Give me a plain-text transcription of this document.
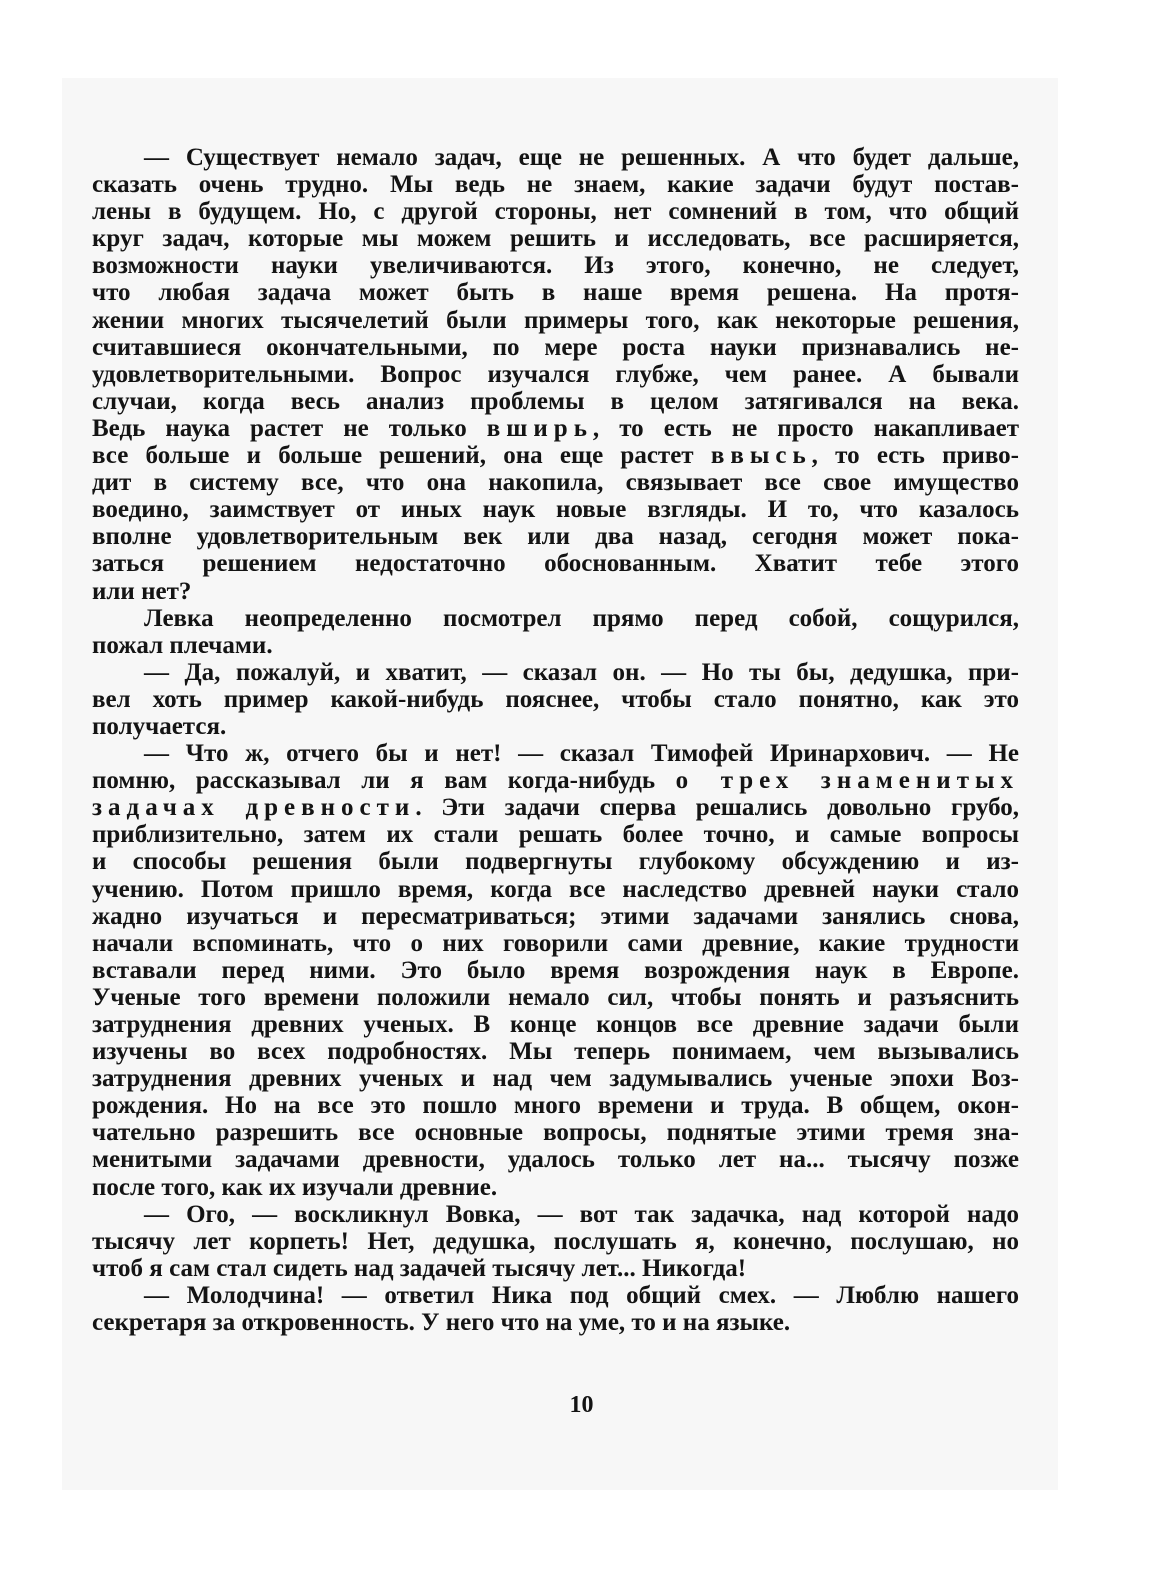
— Существует немало задач, еще не решенных. А что будет дальше,

сказать очень трудно. Мы ведь не знаем, какие задачи будут постав-

лены в будущем. Но, с другой стороны, нет сомнений в том, что общий

круг задач, которые мы можем решить и исследовать, все расширяется,

возможности науки увеличиваются. Из этого, конечно, не следует,

что любая задача может быть в наше время решена. На протя-

жении многих тысячелетий были примеры того, как некоторые решения,

считавшиеся окончательными, по мере роста науки признавались не-

удовлетворительными. Вопрос изучался глубже, чем ранее. А бывали

случаи, когда весь анализ проблемы в целом затягивался на века.

Ведь наука растет не только вширь, то есть не просто накапливает

все больше и больше решений, она еще растет ввысь, то есть приво-

дит в систему все, что она накопила, связывает все свое имущество

воедино, заимствует от иных наук новые взгляды. И то, что казалось

вполне удовлетворительным век или два назад, сегодня может пока-

заться решением недостаточно обоснованным. Хватит тебе этого

или нет?

Левка неопределенно посмотрел прямо перед собой, сощурился,

пожал плечами.

— Да, пожалуй, и хватит, — сказал он. — Но ты бы, дедушка, при-

вел хоть пример какой-нибудь пояснее, чтобы стало понятно, как это

получается.

— Что ж, отчего бы и нет! — сказал Тимофей Иринархович. — Не

помню, рассказывал ли я вам когда-нибудь о трех знаменитых

задачах древности. Эти задачи сперва решались довольно грубо,

приблизительно, затем их стали решать более точно, и самые вопросы

и способы решения были подвергнуты глубокому обсуждению и из-

учению. Потом пришло время, когда все наследство древней науки стало

жадно изучаться и пересматриваться; этими задачами занялись снова,

начали вспоминать, что о них говорили сами древние, какие трудности

вставали перед ними. Это было время возрождения наук в Европе.

Ученые того времени положили немало сил, чтобы понять и разъяснить

затруднения древних ученых. В конце концов все древние задачи были

изучены во всех подробностях. Мы теперь понимаем, чем вызывались

затруднения древних ученых и над чем задумывались ученые эпохи Воз-

рождения. Но на все это пошло много времени и труда. В общем, окон-

чательно разрешить все основные вопросы, поднятые этими тремя зна-

менитыми задачами древности, удалось только лет на... тысячу позже

после того, как их изучали древние.

— Ого, — воскликнул Вовка, — вот так задачка, над которой надо

тысячу лет корпеть! Нет, дедушка, послушать я, конечно, послушаю, но

чтоб я сам стал сидеть над задачей тысячу лет... Никогда!

— Молодчина! — ответил Ника под общий смех. — Люблю нашего

секретаря за откровенность. У него что на уме, то и на языке.

10
